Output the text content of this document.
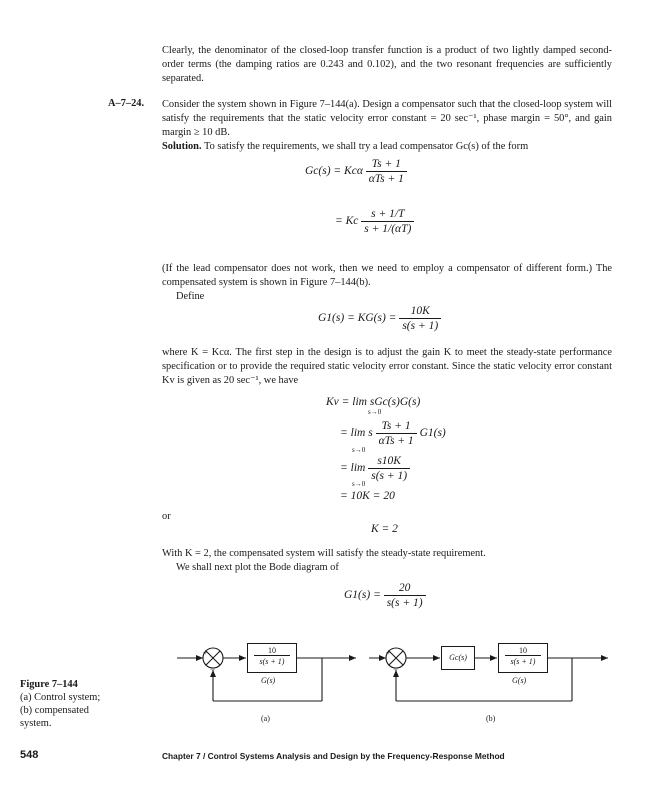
Clearly, the denominator of the closed-loop transfer function is a product of two lightly damped second-order terms (the damping ratios are 0.243 and 0.102), and the two resonant frequencies are sufficiently separated.

A–7–24. Consider the system shown in Figure 7–144(a). Design a compensator such that the closed-loop system will satisfy the requirements that the static velocity error constant = 20 sec⁻¹, phase margin = 50°, and gain margin ≥ 10 dB.

Solution. To satisfy the requirements, we shall try a lead compensator Gc(s) of the form

Gc(s) = Kcα $\frac{Ts + 1}{\text{αTs + 1}}$
= Kc $\frac{s + 1/T}{s + 1/(\alpha T)}$

(If the lead compensator does not work, then we need to employ a compensator of different form.) The compensated system is shown in Figure 7–144(b).

Define

$G1(s) = KG(s) = \frac{10K}{s(s + 1)}$

where K = Kcα. The first step in the design is to adjust the gain K to meet the steady-state performance specification or to provide the required static velocity error constant. Since the static velocity error constant Kv is given as 20 sec⁻¹, we have

Kv = lim sGc(s)G(s)
s→0
= lim s $\frac{Ts + 1}{\text{αTs + 1}} G1(s)$
s→0
= $\lim \frac{s10K}{s(s + 1)}$
s→0
= 10K = 20
or
K = 2

With K = 2, the compensated system will satisfy the steady-state requirement.

We shall next plot the Bode diagram of

$G1(s) = \frac{20}{s(s + 1)}$
Figure 7–144
(a) Control system;
(b) compensated
system.
+
−
+
−
$\frac{10}{s(s + 1)}$
G(s)
(a)
Gc(s)	$\frac{10}{s(s + 1)}$
G(s)
(b)
548	Chapter 7 / Control Systems Analysis and Design by the Frequency-Response Method
